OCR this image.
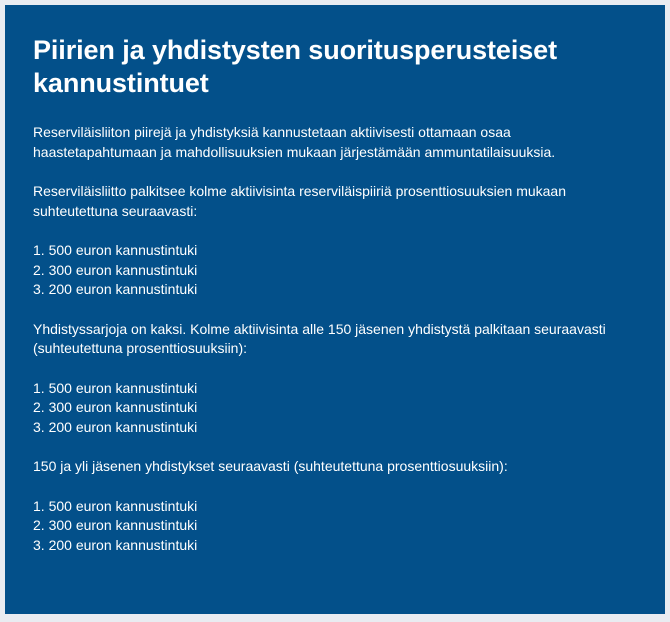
Piirien ja yhdistysten suoritusperusteiset kannustintuet

Reserviläisliiton piirejä ja yhdistyksiä kannustetaan aktiivisesti ottamaan osaa haastetapahtumaan ja mahdollisuuksien mukaan järjestämään ammuntatilaisuuksia.

Reserviläisliitto palkitsee kolme aktiivisinta reserviläispiiriä prosenttiosuuksien mukaan suhteutettuna seuraavasti:

1. 500 euron kannustintuki
2. 300 euron kannustintuki
3. 200 euron kannustintuki

Yhdistyssarjoja on kaksi. Kolme aktiivisinta alle 150 jäsenen yhdistystä palkitaan seuraavasti (suhteutettuna prosenttiosuuksiin):

1. 500 euron kannustintuki
2. 300 euron kannustintuki
3. 200 euron kannustintuki

150 ja yli jäsenen yhdistykset seuraavasti (suhteutettuna prosenttiosuuksiin):

1. 500 euron kannustintuki
2. 300 euron kannustintuki
3. 200 euron kannustintuki
